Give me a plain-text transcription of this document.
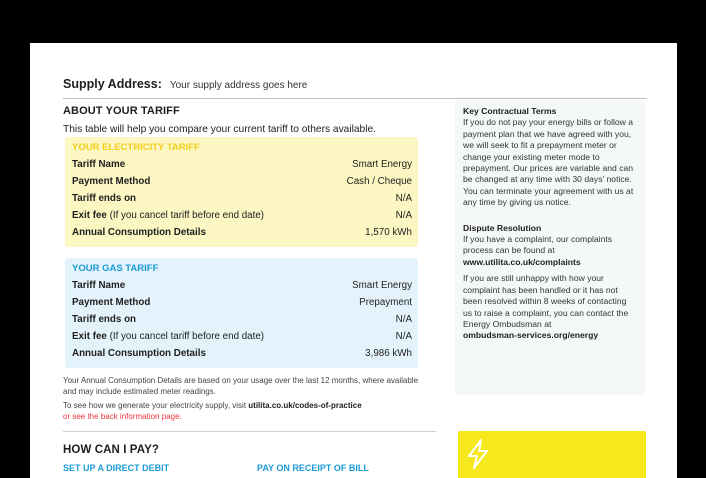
Supply Address: Your supply address goes here
ABOUT YOUR TARIFF
This table will help you compare your current tariff to others available.
YOUR ELECTRICITY TARIFF
Tariff Name	Smart Energy
Payment Method	Cash / Cheque
Tariff ends on	N/A
Exit fee (If you cancel tariff before end date)	N/A
Annual Consumption Details	1,570 kWh
YOUR GAS TARIFF
Tariff Name	Smart Energy
Payment Method	Prepayment
Tariff ends on	N/A
Exit fee (If you cancel tariff before end date)	N/A
Annual Consumption Details	3,986 kWh
Your Annual Consumption Details are based on your usage over the last 12 months, where available and may include estimated meter readings.
To see how we generate your electricity supply, visit utilita.co.uk/codes-of-practice
or see the back information page.
HOW CAN I PAY?
SET UP A DIRECT DEBIT	PAY ON RECEIPT OF BILL
Key Contractual Terms
If you do not pay your energy bills or follow a payment plan that we have agreed with you, we will seek to fit a prepayment meter or change your existing meter mode to prepayment. Our prices are variable and can be changed at any time with 30 days' notice. You can terminate your agreement with us at any time by giving us notice.
Dispute Resolution
If you have a complaint, our complaints process can be found at
www.utilita.co.uk/complaints
If you are still unhappy with how your complaint has been handled or it has not been resolved within 8 weeks of contacting us to raise a complaint, you can contact the Energy Ombudsman at
ombudsman-services.org/energy
